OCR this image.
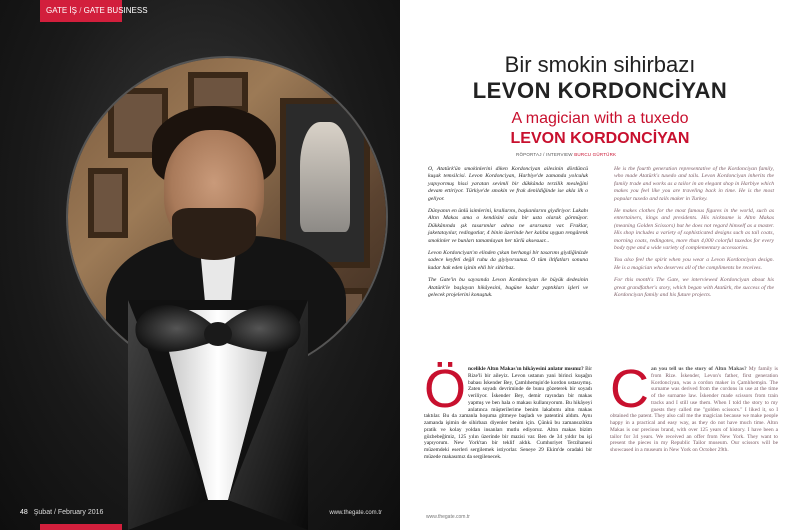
GATE İŞ / GATE BUSINESS
48 Şubat / February 2016	www.thegate.com.tr
Bir smokin sihirbazı
LEVON KORDONCİYAN
A magician with a tuxedo
LEVON KORDONCİYAN
RÖPORTAJ / INTERVIEW BURCU GÜRTÜRK

O, Atatürk'ün smokinlerini diken Kordonciyan ailesinin dördüncü kuşak temsilcisi. Levon Kordonciyan, Harbiye'de zamanda yolculuk yapıyormuş hissi yaratan sevimli bir dükkânda terzilik mesleğini devam ettiriyor. Türkiye'de smokin ve frak denildiğinde ise akla ilk o geliyor.

Dünyanın en ünlü isimlerini, krallarını, başkanlarını giydiriyor. Lakabı Altın Makas ama o kendisini asla bir usta olarak görmüyor. Dükkânında şık tasarımlar adına ne ararsanız var. Fraklar, jaketatayılar, redingotlar, 4 binin üzerinde her kalıba uygun rengârenk smokinler ve bunları tamamlayan her türlü aksesuar...

Levon Kordonciyan'ın elinden çıkan herhangi bir tasarımı giydiğinizde sadece keyfeti değil ruhu da giyiyorsunuz. O tüm iltifatları sonuna kadar hak eden işinin ehli bir sihirbaz.

The Gate'in bu sayısında Levon Kordonciyan ile büyük dedesinin Atatürk'le başlayan hikâyesini, bugüne kadar yaptıkları işleri ve gelecek projelerini konuştuk.

He is the fourth generation representative of the Kordonciyan family, who made Atatürk's tuxedo and tails. Levon Kordonciyan inherits the family trade and works as a tailor in an elegant shop in Harbiye which makes you feel like you are traveling back in time. He is the most popular tuxedo and tails maker in Turkey.

He makes clothes for the most famous figures in the world, such as entertainers, kings and presidents. His nickname is Altın Makas (meaning Golden Scissors) but he does not regard himself as a master. His shop includes a variety of sophisticated designs such as tail coats, morning coats, redingotes, more than 4,000 colorful tuxedos for every body type and a wide variety of complementary accessories.

You also feel the spirit when you wear a Levon Kordonciyan design. He is a magician who deserves all of the compliments he receives.

For this month's The Gate, we interviewed Kordonciyan about his great grandfather's story, which began with Atatürk, the success of the Kordonciyan family and his future projects.

Ö ncelikle Altın Makas'ın hikâyesini anlatır mısınız? Bir Rize'li bir aileyiz. Levon ustanın yani birinci kuşağın babası İskender Bey, Çamlıhemşin'de kordon ustasıymış. Zaten soyadı devriminde de bunu gözeterek bir soyadı veriliyor. İskender Bey, demir rayından bir makas yapmış ve ben hala o makası kullanıyorum. Bu hikâyeyi anlatınca müşterilerime benim lakabımı altın makas taktılar. Bu da zamanla hoşuma gitmeye başladı ve patentini aldım. Aynı zamanda işimin de sihirbazı diyenler benim için. Çünkü bu zamansızlıkta pratik ve kolay yoldan insanları mutlu ediyoruz. Altın makas bizim gözbebeğimiz, 125 yılın üzerinde bir mazisi var. Ben de 34 yıldır bu işi yapıyorum. New York'tan bir teklif aldık. Cumhuriyet Terzihanesi müzemdeki eserleri sergilemek istiyorlar. Seneye 29 Ekim'de oradaki bir müzede makasımız da sergilenecek.
C an you tell us the story of Altın Makas? My family is from Rize. İskender, Levon's father, first generation Kordonciyan, was a cordon maker in Çamlıhemşin. The surname was derived from the cordons in use at the time of the surname law. İskender made scissors from train tracks and I still use them. When I told the story to my guests they called me "golden scissors." I liked it, so I obtained the patent. They also call me the magician because we make people happy in a practical and easy way, as they do not have much time. Altın Makas is our precious brand, with over 125 years of history. I have been a tailor for 34 years. We received an offer from New York. They want to present the pieces in my Republic Tailor museum. Our scissors will be showcased in a museum in New York on October 29th.
www.thegate.com.tr
